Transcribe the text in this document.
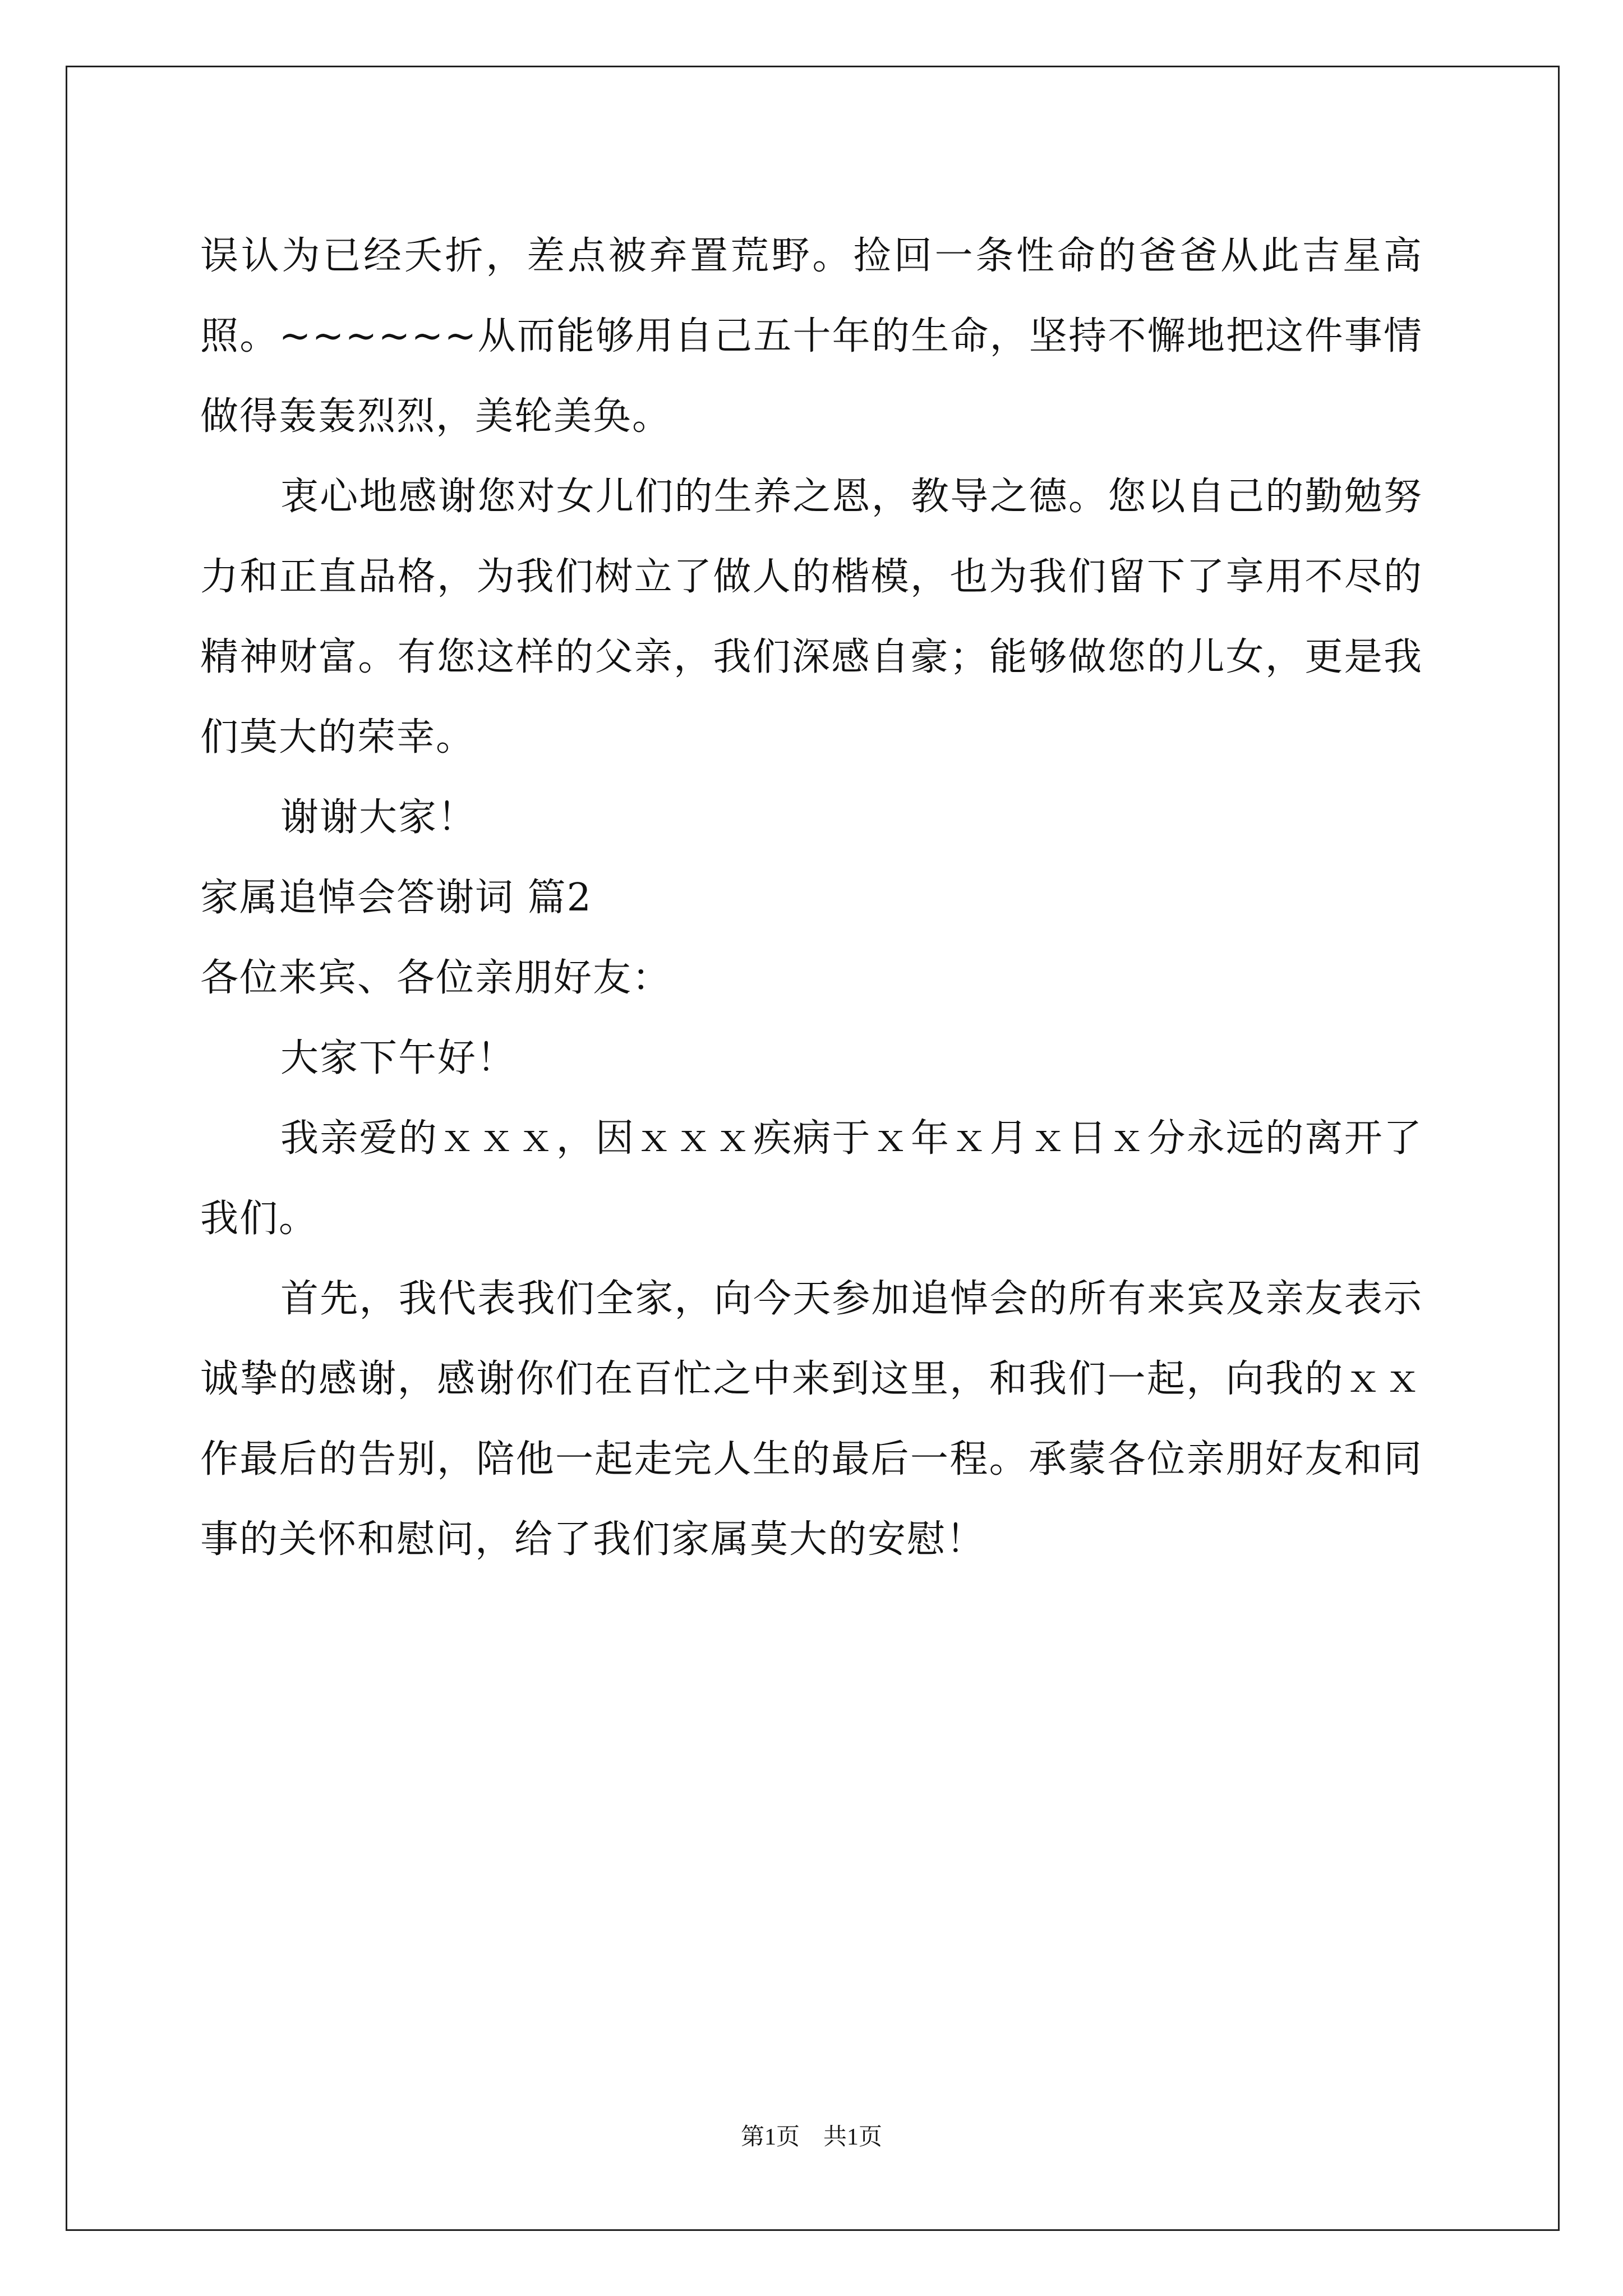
误认为已经夭折，差点被弃置荒野。捡回一条性命的爸爸从此吉星高照。~~~~~~从而能够用自己五十年的生命，坚持不懈地把这件事情做得轰轰烈烈，美轮美奂。

衷心地感谢您对女儿们的生养之恩，教导之德。您以自己的勤勉努力和正直品格，为我们树立了做人的楷模，也为我们留下了享用不尽的精神财富。有您这样的父亲，我们深感自豪；能够做您的儿女，更是我们莫大的荣幸。

谢谢大家！

家属追悼会答谢词 篇2

各位来宾、各位亲朋好友：

大家下午好！

我亲爱的ｘｘｘ，因ｘｘｘ疾病于ｘ年ｘ月ｘ日ｘ分永远的离开了我们。

首先，我代表我们全家，向今天参加追悼会的所有来宾及亲友表示诚挚的感谢，感谢你们在百忙之中来到这里，和我们一起，向我的ｘｘ作最后的告别，陪他一起走完人生的最后一程。承蒙各位亲朋好友和同事的关怀和慰问，给了我们家属莫大的安慰！

第1页　共1页
